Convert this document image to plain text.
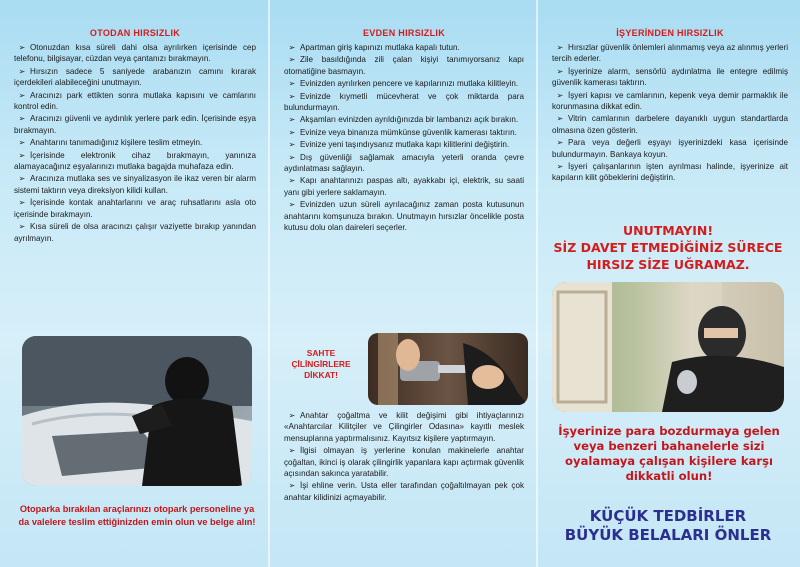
OTODAN HIRSIZLIK
➢ Otonuzdan kısa süreli dahi olsa ayrılırken içerisinde cep telefonu, bilgisayar, cüzdan veya çantanızı bırakmayın.
➢ Hırsızın sadece 5 saniyede arabanızın camını kırarak içerdekileri alabileceğini unutmayın.
➢ Aracınızı park ettikten sonra mutlaka kapısını ve camlarını kontrol edin.
➢ Aracınızı güvenli ve aydınlık yerlere park edin. İçerisinde eşya bırakmayın.
➢ Anahtarını tanımadığınız kişilere teslim etmeyin.
➢ İçerisinde elektronik cihaz bırakmayın, yanınıza alamayacağınız eşyalarınızı mutlaka bagajda muhafaza edin.
➢ Aracınıza mutlaka ses ve sinyalizasyon ile ikaz veren bir alarm sistemi taktırın veya direksiyon kilidi kullan.
➢ İçerisinde kontak anahtarlarını ve araç ruhsatlarını asla oto içerisinde bırakmayın.
➢ Kısa süreli de olsa aracınızı çalışır vaziyette bırakıp yanından ayrılmayın.
Otoparka bırakılan araçlarınızı otopark personeline ya da valelere teslim ettiğinizden emin olun ve belge alın!
EVDEN HIRSIZLIK
➢ Apartman giriş kapınızı mutlaka kapalı tutun.
➢ Zile basıldığında zili çalan kişiyi tanımıyorsanız kapı otomatiğine basmayın.
➢ Evinizden ayrılırken pencere ve kapılarınızı mutlaka kilitleyin.
➢ Evinizde kıymetli mücevherat ve çok miktarda para bulundurmayın.
➢ Akşamları evinizden ayrıldığınızda bir lambanızı açık bırakın.
➢ Evinize veya binanıza mümkünse güvenlik kamerası taktırın.
➢ Evinize yeni taşındıysanız mutlaka kapı kilitlerini değiştirin.
➢ Dış güvenliği sağlamak amacıyla yeterli oranda çevre aydınlatması sağlayın.
➢ Kapı anahtarınızı paspas altı, ayakkabı içi, elektrik, su saati yanı gibi yerlere saklamayın.
➢ Evinizden uzun süreli ayrılacağınız zaman posta kutusunun anahtarını komşunuza bırakın. Unutmayın hırsızlar öncelikle posta kutusu dolu olan daireleri seçerler.
SAHTE
ÇİLİNGİRLERE
DİKKAT!
➢ Anahtar çoğaltma ve kilit değişimi gibi ihtiyaçlarınızı «Anahtarcılar Kilitçiler ve Çilingirler Odasına» kayıtlı meslek mensuplarına yaptırmalısınız. Kayıtsız kişilere yaptırmayın.
➢ İlgisi olmayan iş yerlerine konulan makinelerle anahtar çoğaltan, ikinci iş olarak çilingirlik yapanlara kapı açtırmak güvenlik açısından sakınca yaratabilir.
➢ İşi ehline verin. Usta eller tarafından çoğaltılmayan pek çok anahtar kilidinizi açmayabilir.
İŞYERİNDEN HIRSIZLIK
➢ Hırsızlar güvenlik önlemleri alınmamış veya az alınmış yerleri tercih ederler.
➢ İşyerinize alarm, sensörlü aydınlatma ile entegre edilmiş güvenlik kamerası taktırın.
➢ İşyeri kapısı ve camlarının, kepenk veya demir parmaklık ile korunmasına dikkat edin.
➢ Vitrin camlarının darbelere dayanıklı uygun standartlarda olmasına özen gösterin.
➢ Para veya değerli eşyayı işyerinizdeki kasa içerisinde bulundurmayın. Bankaya koyun.
➢ İşyeri çalışanlarının işten ayrılması halinde, işyerinize ait kapıların kilit göbeklerini değiştirin.
UNUTMAYIN!
SİZ DAVET ETMEDİĞİNİZ SÜRECE
HIRSIZ SİZE UĞRAMAZ.
İşyerinize para bozdurmaya gelen veya benzeri bahanelerle sizi oyalamaya çalışan kişilere karşı dikkatli olun!
KÜÇÜK TEDBİRLER
BÜYÜK BELALARI ÖNLER
